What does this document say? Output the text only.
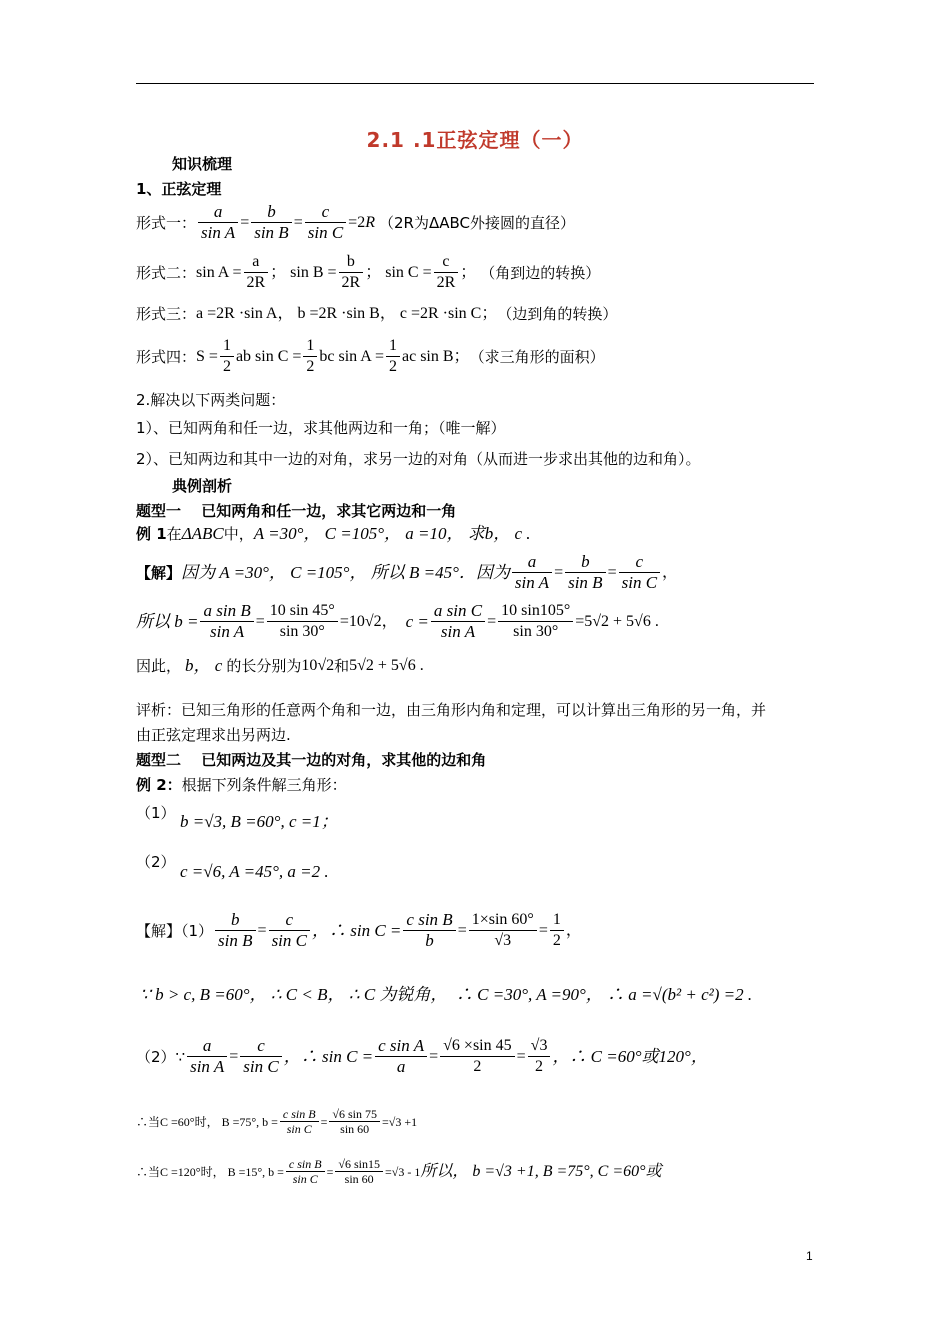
2.1 .1正弦定理（一）
知识梳理
1、正弦定理
形式一： $\frac{a}{\text{sin A}} = \frac{b}{\text{sin B}} = \frac{c}{\text{sin C}} =2R$ （2R为ΔABC外接圆的直径）
形式二： $\sin A = \frac{a}{2R}$ ； $\sin B = \frac{b}{2R}$ ； $\sin C = \frac{c}{2R}$ ； （角到边的转换）
形式三： a =2R ·sin A， b =2R ·sin B， c =2R ·sin C； （边到角的转换）
形式四： $S = \frac{1}{2}$ ab $\sin C = \frac{1}{2}$ bc $\sin A = \frac{1}{2}$ ac sin B； （求三角形的面积）
2.解决以下两类问题：
1）、已知两角和任一边，求其他两边和一角；（唯一解）
2）、已知两边和其中一边的对角，求另一边的对角（从而进一步求出其他的边和角）。
典例剖析
题型一　 已知两角和任一边，求其它两边和一角
例 1在ΔABC中，A =30°， C =105°， a =10， 求b， c .
【解】 因为 A =30°， C =105°， 所以 B =45°．因为 $\frac{a}{\text{sin A}} = \frac{b}{\text{sin B}} = \frac{c}{\text{sin C}}$ ，
所以 $b = \frac{\text{a sin B}}{\text{sin A}} = \frac{10 \sin 45^\circ}{\sin 30^\circ} =10√2$， $c = \frac{\text{a sin C}}{\text{sin A}} = \frac{10 \sin 105^\circ}{\sin 30^\circ} =5√2 + 5√6$ .
因此， b， c 的长分别为 10√2 和 5√2 + 5√6 .
评析：已知三角形的任意两个角和一边，由三角形内角和定理，可以计算出三角形的另一角，并
由正弦定理求出另两边.
题型二　 已知两边及其一边的对角，求其他的边和角
例 2：根据下列条件解三角形：
（1） b =√3, B =60°, c =1；
（2） c =√6, A =45°, a =2 .
【解】$(1) \frac{b}{\text{sin B}} = \frac{c}{\text{sin C}}$ ，∴ $\sin C = \frac{\text{c sin B}}{b} = \frac{1\times\sin 60^\circ}{√3} = \frac{1}{2}$ ，
∵ b > c, B =60°， ∴ C < B， ∴ C 为锐角，　∴ C =30°, A =90°， ∴ a =√(b² + c²) =2 .
（2）∵ $\frac{a}{\text{sin A}} = \frac{c}{\text{sin C}}$ ，∴ $\sin C = \frac{\text{c sin A}}{a} = \frac{√6 \times\sin 45}{2} = \frac{√3}{2}$ ，∴ C =60°或120°，
∴当C =60°时， B =75°, $b = \frac{\text{c sin B}}{\text{sin C}} = \frac{√6 \sin 75}{\sin 60} =√3 +1$
∴当C =120°时， B =15°, $b = \frac{\text{c sin B}}{\text{sin C}} = \frac{√6 \sin 15}{\sin 60} =√3 - 1$ 所以， b =√3 +1, B =75°, C =60°或
1
